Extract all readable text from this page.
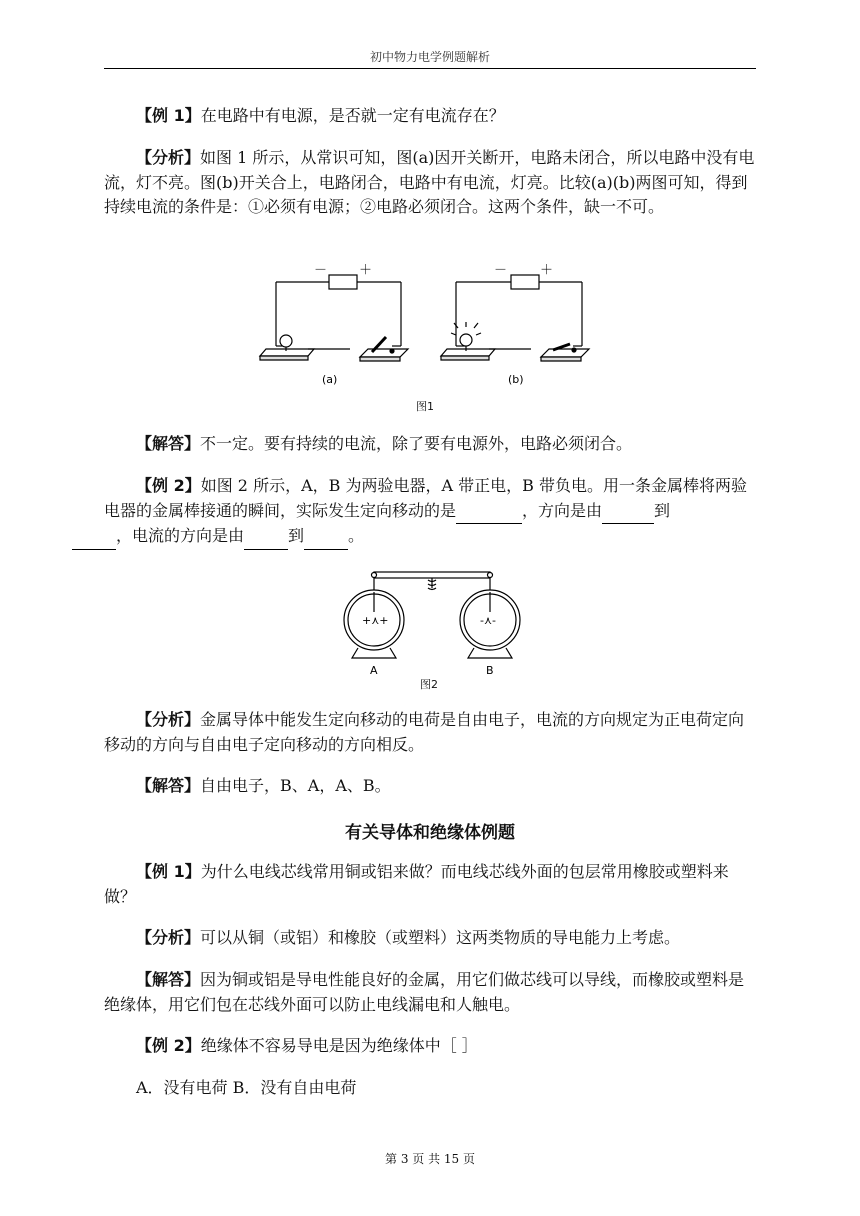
初中物力电学例题解析
【例 1】在电路中有电源，是否就一定有电流存在？
【分析】如图 1 所示，从常识可知，图(a)因开关断开，电路未闭合，所以电路中没有电流，灯不亮。图(b)开关合上，电路闭合，电路中有电流，灯亮。比较(a)(b)两图可知，得到持续电流的条件是：①必须有电源；②电路必须闭合。这两个条件，缺一不可。
－ ＋
(a)
－	＋
(b)
图1
【解答】不一定。要有持续的电流，除了要有电源外，电路必须闭合。
【例 2】如图 2 所示，A，B 为两验电器，A 带正电，B 带负电。用一条金属棒将两验电器的金属棒接通的瞬间，实际发生定向移动的是	，方向是由	到
，电流的方向是由	到	。
+⋏+	-⋏-
A	B
图2
【分析】金属导体中能发生定向移动的电荷是自由电子，电流的方向规定为正电荷定向移动的方向与自由电子定向移动的方向相反。
【解答】自由电子，B、A，A、B。
有关导体和绝缘体例题
【例 1】为什么电线芯线常用铜或铝来做？而电线芯线外面的包层常用橡胶或塑料来做？
【分析】可以从铜（或铝）和橡胶（或塑料）这两类物质的导电能力上考虑。
【解答】因为铜或铝是导电性能良好的金属，用它们做芯线可以导线，而橡胶或塑料是绝缘体，用它们包在芯线外面可以防止电线漏电和人触电。
【例 2】绝缘体不容易导电是因为绝缘体中［ ］
A．没有电荷 B．没有自由电荷
第 3 页 共 15 页
